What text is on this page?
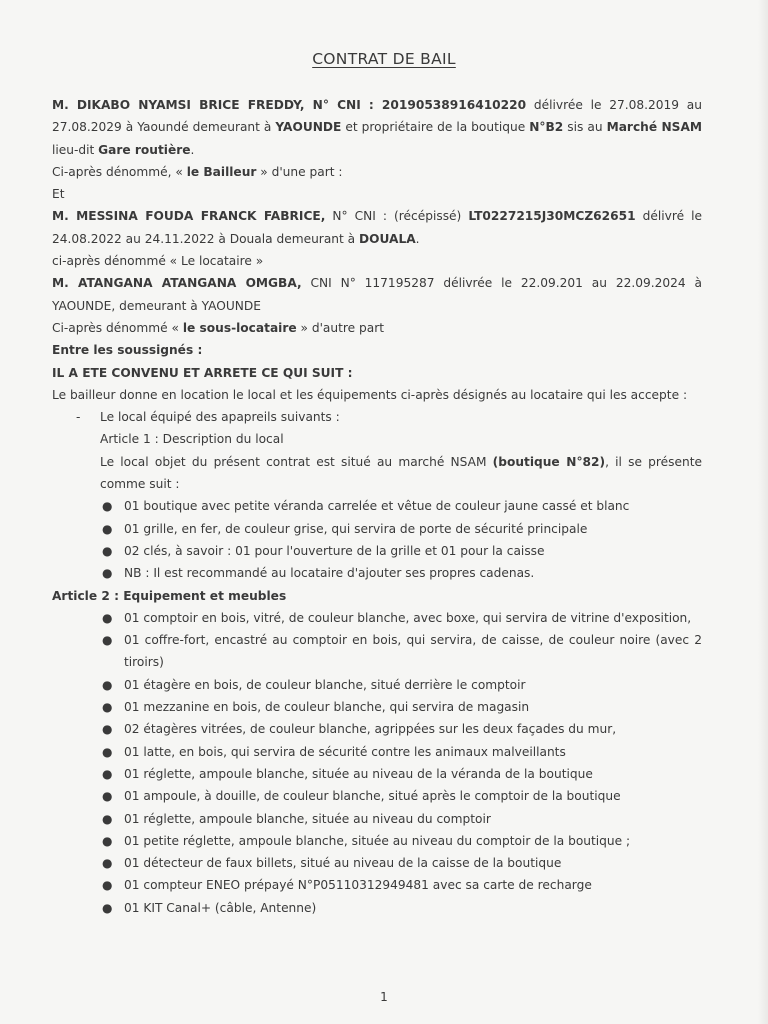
CONTRAT DE BAIL

M. DIKABO NYAMSI BRICE FREDDY, N° CNI : 20190538916410220 délivrée le 27.08.2019 au 27.08.2029 à Yaoundé demeurant à YAOUNDE et propriétaire de la boutique N°B2 sis au Marché NSAM lieu-dit Gare routière.

Ci-après dénommé, « le Bailleur » d'une part :

Et

M. MESSINA FOUDA FRANCK FABRICE, N° CNI : (récépissé) LT0227215J30MCZ62651 délivré le 24.08.2022 au 24.11.2022 à Douala demeurant à DOUALA.

ci-après dénommé « Le locataire »

M. ATANGANA ATANGANA OMGBA, CNI N° 117195287 délivrée le 22.09.201 au 22.09.2024 à YAOUNDE, demeurant à YAOUNDE

Ci-après dénommé « le sous-locataire » d'autre part

Entre les soussignés :

IL A ETE CONVENU ET ARRETE CE QUI SUIT :

Le bailleur donne en location le local et les équipements ci-après désignés au locataire qui les accepte :

- Le local équipé des apapreils suivants :

Article 1 : Description du local

Le local objet du présent contrat est situé au marché NSAM (boutique N°82), il se présente comme suit :

● 01 boutique avec petite véranda carrelée et vêtue de couleur jaune cassé et blanc
● 01 grille, en fer, de couleur grise, qui servira de porte de sécurité principale
● 02 clés, à savoir : 01 pour l'ouverture de la grille et 01 pour la caisse
● NB : Il est recommandé au locataire d'ajouter ses propres cadenas.

Article 2 : Equipement et meubles

● 01 comptoir en bois, vitré, de couleur blanche, avec boxe, qui servira de vitrine d'exposition,
● 01 coffre-fort, encastré au comptoir en bois, qui servira, de caisse, de couleur noire (avec 2 tiroirs)
● 01 étagère en bois, de couleur blanche, situé derrière le comptoir
● 01 mezzanine en bois, de couleur blanche, qui servira de magasin
● 02 étagères vitrées, de couleur blanche, agrippées sur les deux façades du mur,
● 01 latte, en bois, qui servira de sécurité contre les animaux malveillants
● 01 réglette, ampoule blanche, située au niveau de la véranda de la boutique
● 01 ampoule, à douille, de couleur blanche, situé après le comptoir de la boutique
● 01 réglette, ampoule blanche, située au niveau du comptoir
● 01 petite réglette, ampoule blanche, située au niveau du comptoir de la boutique ;
● 01 détecteur de faux billets, situé au niveau de la caisse de la boutique
● 01 compteur ENEO prépayé N°P05110312949481 avec sa carte de recharge
● 01 KIT Canal+ (câble, Antenne)
1
